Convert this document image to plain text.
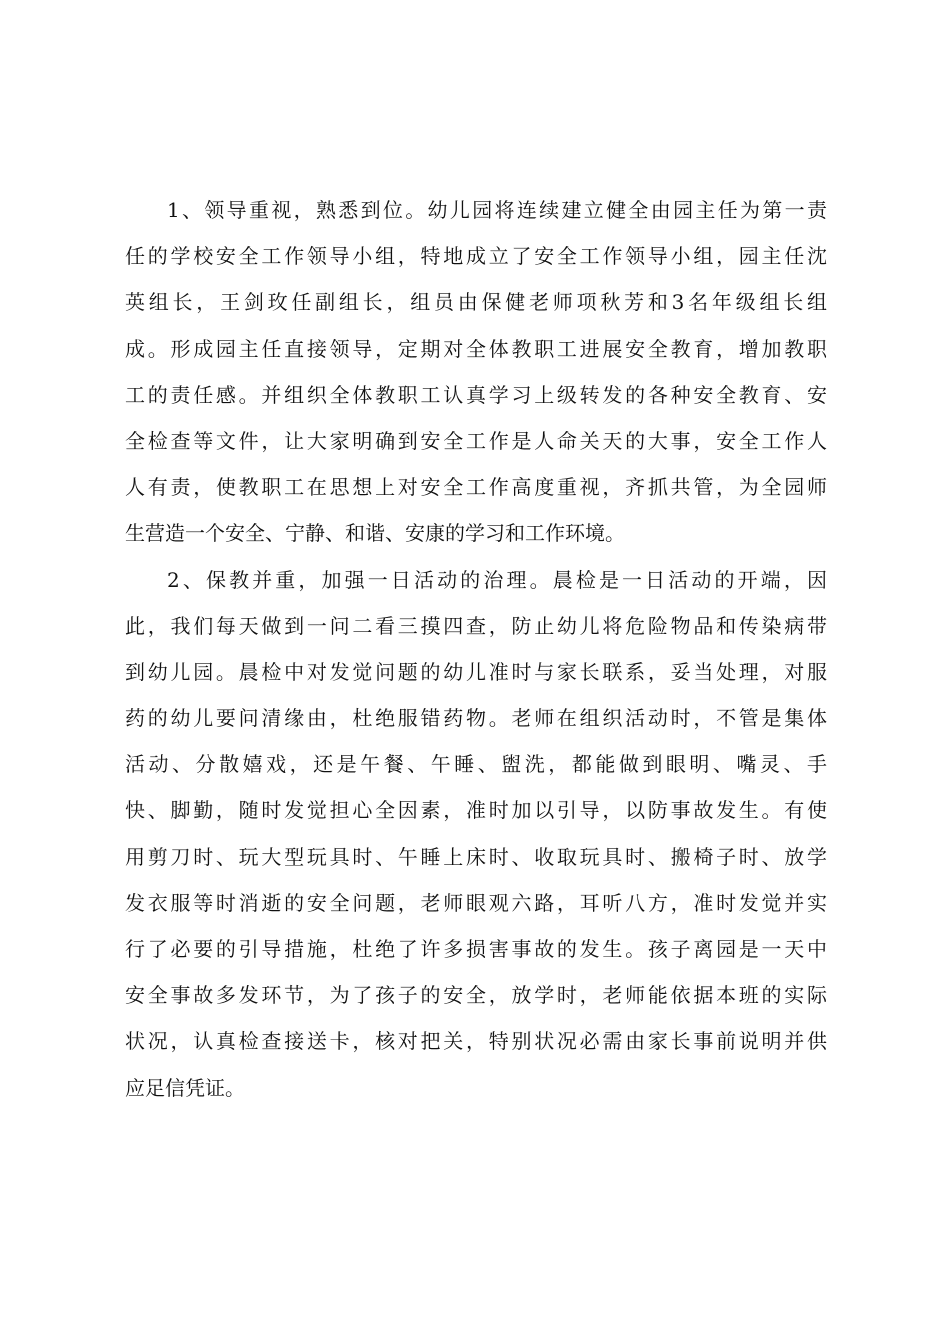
1、领导重视，熟悉到位。幼儿园将连续建立健全由园主任为第一责
任的学校安全工作领导小组，特地成立了安全工作领导小组，园主任沈
英组长，王剑玫任副组长，组员由保健老师项秋芳和3名年级组长组
成。形成园主任直接领导，定期对全体教职工进展安全教育，增加教职
工的责任感。并组织全体教职工认真学习上级转发的各种安全教育、安
全检查等文件，让大家明确到安全工作是人命关天的大事，安全工作人
人有责，使教职工在思想上对安全工作高度重视，齐抓共管，为全园师
生营造一个安全、宁静、和谐、安康的学习和工作环境。
2、保教并重，加强一日活动的治理。晨检是一日活动的开端，因
此，我们每天做到一问二看三摸四查，防止幼儿将危险物品和传染病带
到幼儿园。晨检中对发觉问题的幼儿准时与家长联系，妥当处理，对服
药的幼儿要问清缘由，杜绝服错药物。老师在组织活动时，不管是集体
活动、分散嬉戏，还是午餐、午睡、盥洗，都能做到眼明、嘴灵、手
快、脚勤，随时发觉担心全因素，准时加以引导，以防事故发生。有使
用剪刀时、玩大型玩具时、午睡上床时、收取玩具时、搬椅子时、放学
发衣服等时消逝的安全问题，老师眼观六路，耳听八方，准时发觉并实
行了必要的引导措施，杜绝了许多损害事故的发生。孩子离园是一天中
安全事故多发环节，为了孩子的安全，放学时，老师能依据本班的实际
状况，认真检查接送卡，核对把关，特别状况必需由家长事前说明并供
应足信凭证。
